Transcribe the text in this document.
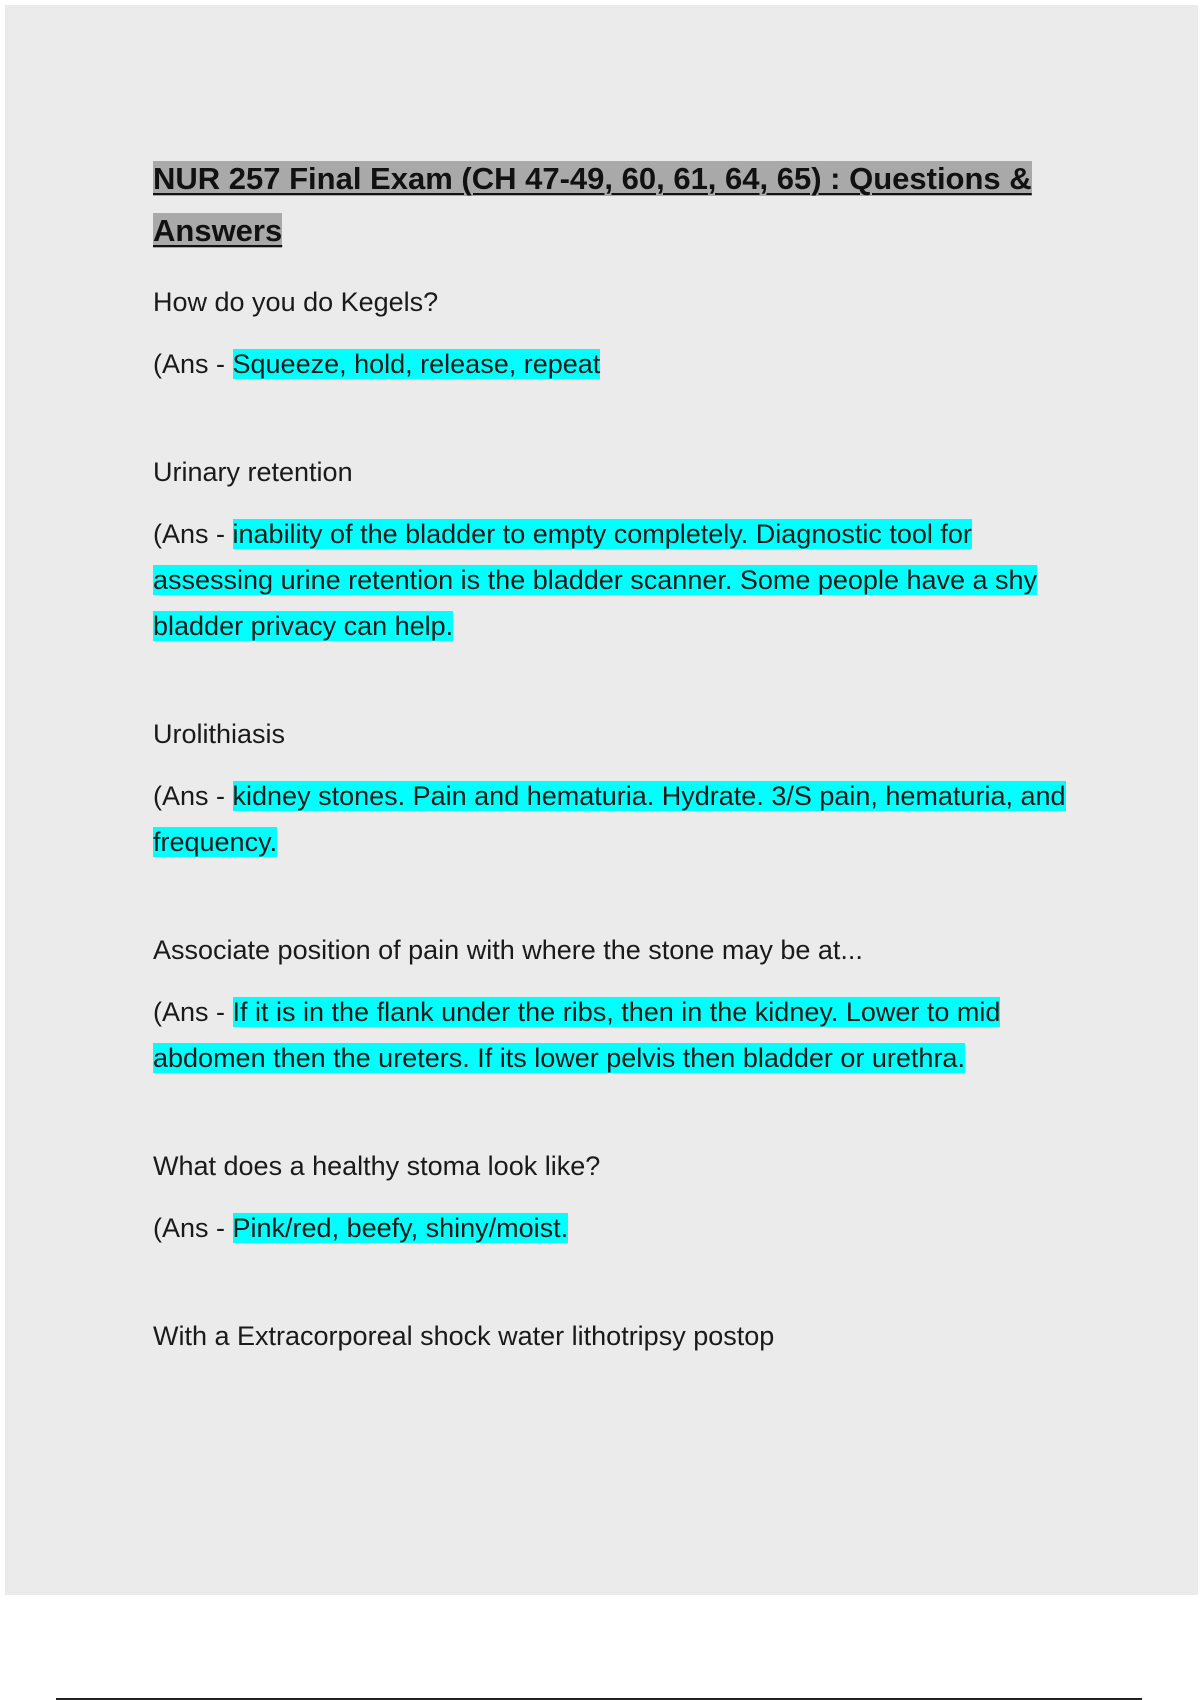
NUR 257 Final Exam (CH 47-49, 60, 61, 64, 65) : Questions & Answers

How do you do Kegels?

(Ans - Squeeze, hold, release, repeat

Urinary retention

(Ans - inability of the bladder to empty completely. Diagnostic tool for assessing urine retention is the bladder scanner. Some people have a shy bladder privacy can help.

Urolithiasis

(Ans - kidney stones. Pain and hematuria. Hydrate. 3/S pain, hematuria, and frequency.

Associate position of pain with where the stone may be at...

(Ans - If it is in the flank under the ribs, then in the kidney. Lower to mid abdomen then the ureters. If its lower pelvis then bladder or urethra.

What does a healthy stoma look like?

(Ans - Pink/red, beefy, shiny/moist.

With a Extracorporeal shock water lithotripsy postop
